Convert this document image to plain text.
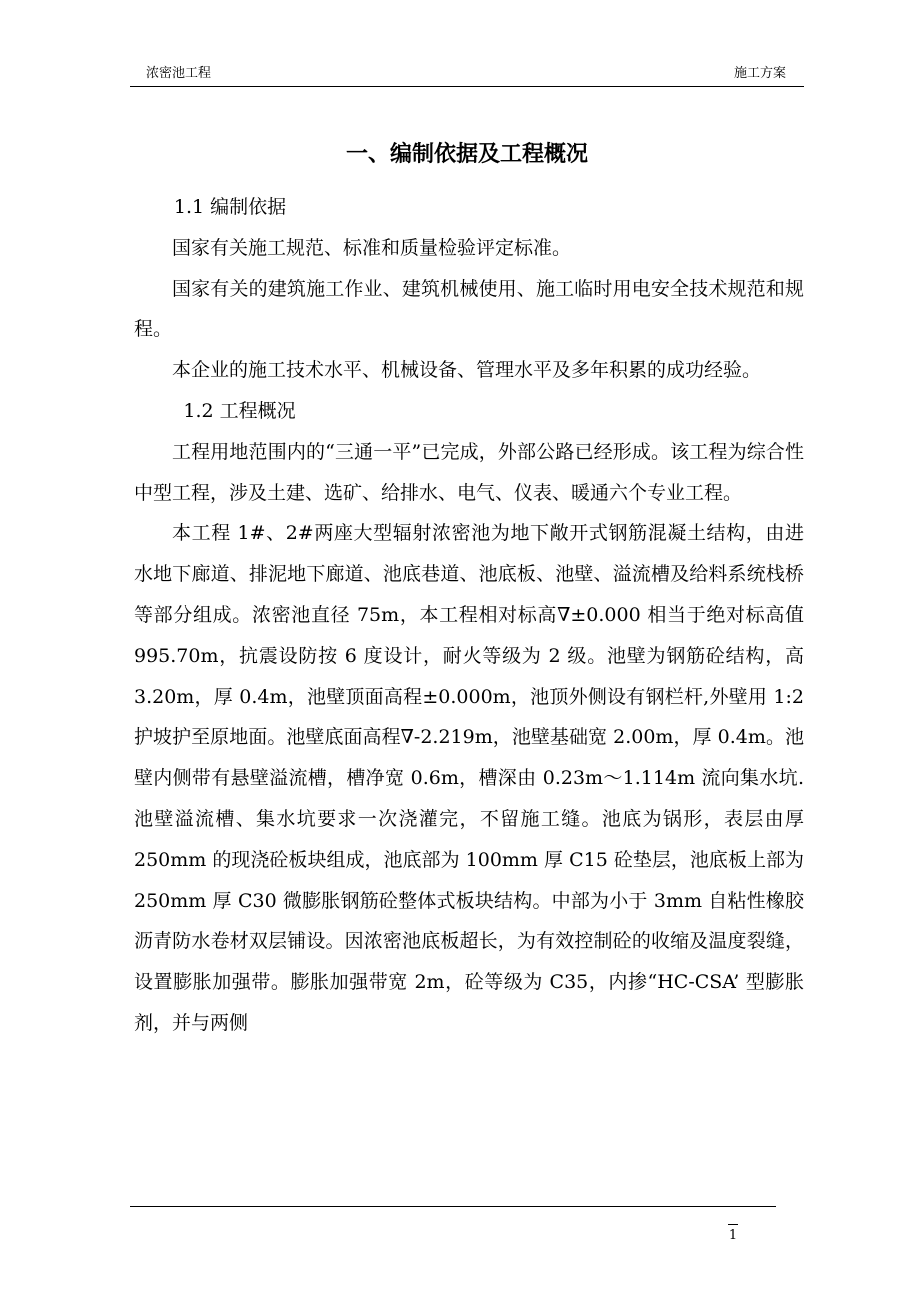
浓密池工程	施工方案
一、编制依据及工程概况

1.1 编制依据

国家有关施工规范、标准和质量检验评定标准。

国家有关的建筑施工作业、建筑机械使用、施工临时用电安全技术规范和规程。

本企业的施工技术水平、机械设备、管理水平及多年积累的成功经验。

1.2 工程概况

工程用地范围内的“三通一平”已完成，外部公路已经形成。该工程为综合性中型工程，涉及土建、选矿、给排水、电气、仪表、暖通六个专业工程。

本工程 1#、2#两座大型辐射浓密池为地下敞开式钢筋混凝土结构，由进水地下廊道、排泥地下廊道、池底巷道、池底板、池壁、溢流槽及给料系统栈桥等部分组成。浓密池直径 75m，本工程相对标高∇±0.000 相当于绝对标高值 995.70m，抗震设防按 6 度设计，耐火等级为 2 级。池壁为钢筋砼结构，高 3.20m，厚 0.4m，池壁顶面高程±0.000m，池顶外侧设有钢栏杆,外壁用 1:2 护坡护至原地面。池壁底面高程∇-2.219m，池壁基础宽 2.00m，厚 0.4m。池壁内侧带有悬壁溢流槽，槽净宽 0.6m，槽深由 0.23m～1.114m 流向集水坑. 池壁溢流槽、集水坑要求一次浇灌完，不留施工缝。池底为锅形，表层由厚 250mm 的现浇砼板块组成，池底部为 100mm 厚 C15 砼垫层，池底板上部为 250mm 厚 C30 微膨胀钢筋砼整体式板块结构。中部为小于 3mm 自粘性橡胶沥青防水卷材双层铺设。因浓密池底板超长，为有效控制砼的收缩及温度裂缝，设置膨胀加强带。膨胀加强带宽 2m，砼等级为 C35，内掺“HC-CSA’ 型膨胀剂，并与两侧

1
